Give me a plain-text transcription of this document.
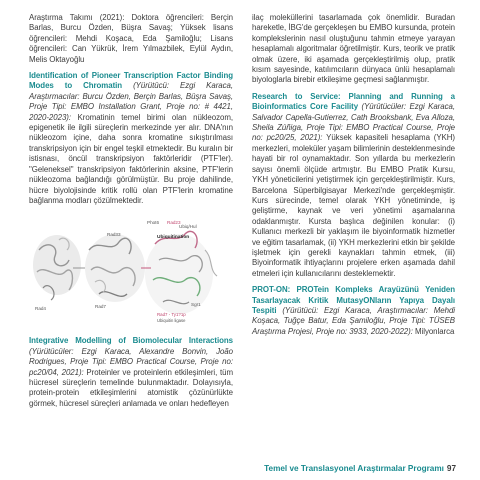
Araştırma Takımı (2021): Doktora öğrencileri: Berçin Barlas, Burcu Özden, Büşra Savaş; Yüksek lisans öğrencileri: Mehdi Koşaca, Eda Şamiloğlu; Lisans öğrencileri: Can Yükrük, İrem Yılmazbilek, Eylül Aydın, Melis Oktayoğlu

Identification of Pioneer Transcription Factor Binding Modes to Chromatin (Yürütücü: Ezgi Karaca, Araştırmacılar: Burcu Özden, Berçin Barlas, Büşra Savaş, Proje Tipi: EMBO Installation Grant, Proje no: # 4421, 2020-2023): Kromatinin temel birimi olan nükleozom, epigenetik ile ilgili süreçlerin merkezinde yer alır. DNA'nın nükleozom içine, daha sonra kromatine sıkıştırılması transkripsiyon için bir engel teşkil etmektedir. Bu kuralın bir istisnası, öncül transkripsiyon faktörleridir (PTF'ler). "Geleneksel" transkripsiyon faktörlerinin aksine, PTF'lerin nükleozoma bağlandığı görülmüştür. Bu proje dahilinde, hücre biyolojisinde kritik rollü olan PTF'lerin kromatine bağlanma modları çözülmektedir.

Phot6 Rad23
Ubiq/Hul
Rad4
Rad33
Ubiquitination
Rad7	Sgr1
Rad7 - Ty1?1p
Ubiquitin ligase

Integrative Modelling of Biomolecular Interactions (Yürütücüler: Ezgi Karaca, Alexandre Bonvin, João Rodrigues, Proje Tipi: EMBO Practical Course, Proje no: pc20/04, 2021): Proteinler ve proteinlerin etkileşimleri, tüm hücresel süreçlerin temelinde bulunmaktadır. Dolayısıyla, protein-protein etkileşimlerini atomistik çözünürlükte görmek, hücresel süreçleri anlamada ve onları hedefleyen

ilaç moleküllerini tasarlamada çok önemlidir. Buradan hareketle, İBG'de gerçekleşen bu EMBO kursunda, protein komplekslerinin nasıl oluştuğunu tahmin etmeye yarayan hesaplamalı algoritmalar öğretilmiştir. Kurs, teorik ve pratik olmak üzere, iki aşamada gerçekleştirilmiş olup, pratik kısım sayesinde, katılımcıların dünyaca ünlü hesaplamalı biyologlarla birebir etkileşime geçmesi sağlanmıştır.

Research to Service: Planning and Running a Bioinformatics Core Facility (Yürütücüler: Ezgi Karaca, Salvador Capella-Gutierrez, Cath Brooksbank, Eva Alloza, Sheila Zúñiga, Proje Tipi: EMBO Practical Course, Proje no: pc20/25, 2021): Yüksek kapasiteli hesaplama (YKH) merkezleri, moleküler yaşam bilimlerinin desteklenmesinde hayati bir rol oynamaktadır. Son yıllarda bu merkezlerin sayısı önemli ölçüde artmıştır. Bu EMBO Pratik Kursu, YKH yöneticilerini yetiştirmek için gerçekleştirilmiştir. Kurs, Barcelona Süperbilgisayar Merkezi'nde gerçekleşmiştir. Kurs sürecinde, temel olarak YKH yönetiminde, iş geliştirme, kaynak ve veri yönetimi aşamalarına odaklanmıştır. Kursta başlıca değinilen konular: (i) Kullanıcı merkezli bir yaklaşım ile biyoinformatik hizmetler ve eğitim tasarlamak, (ii) YKH merkezlerini etkin bir şekilde işletmek için gerekli kaynakları tahmin etmek, (iii) Biyoinformatik ihtiyaçlarını projelere erken aşamada dahil etmeleri için kullanıcılarını desteklemektir.

PROT-ON: PROTein Kompleks Arayüzünü Yeniden Tasarlayacak Kritik MutasyONların Yapıya Dayalı Tespiti (Yürütücü: Ezgi Karaca, Araştırmacılar: Mehdi Koşaca, Tuğçe Batur, Eda Şamiloğlu, Proje Tipi: TÜSEB Araştırma Projesi, Proje no: 3933, 2020-2022): Milyonlarca

Temel ve Translasyonel Araştırmalar Programı 97
